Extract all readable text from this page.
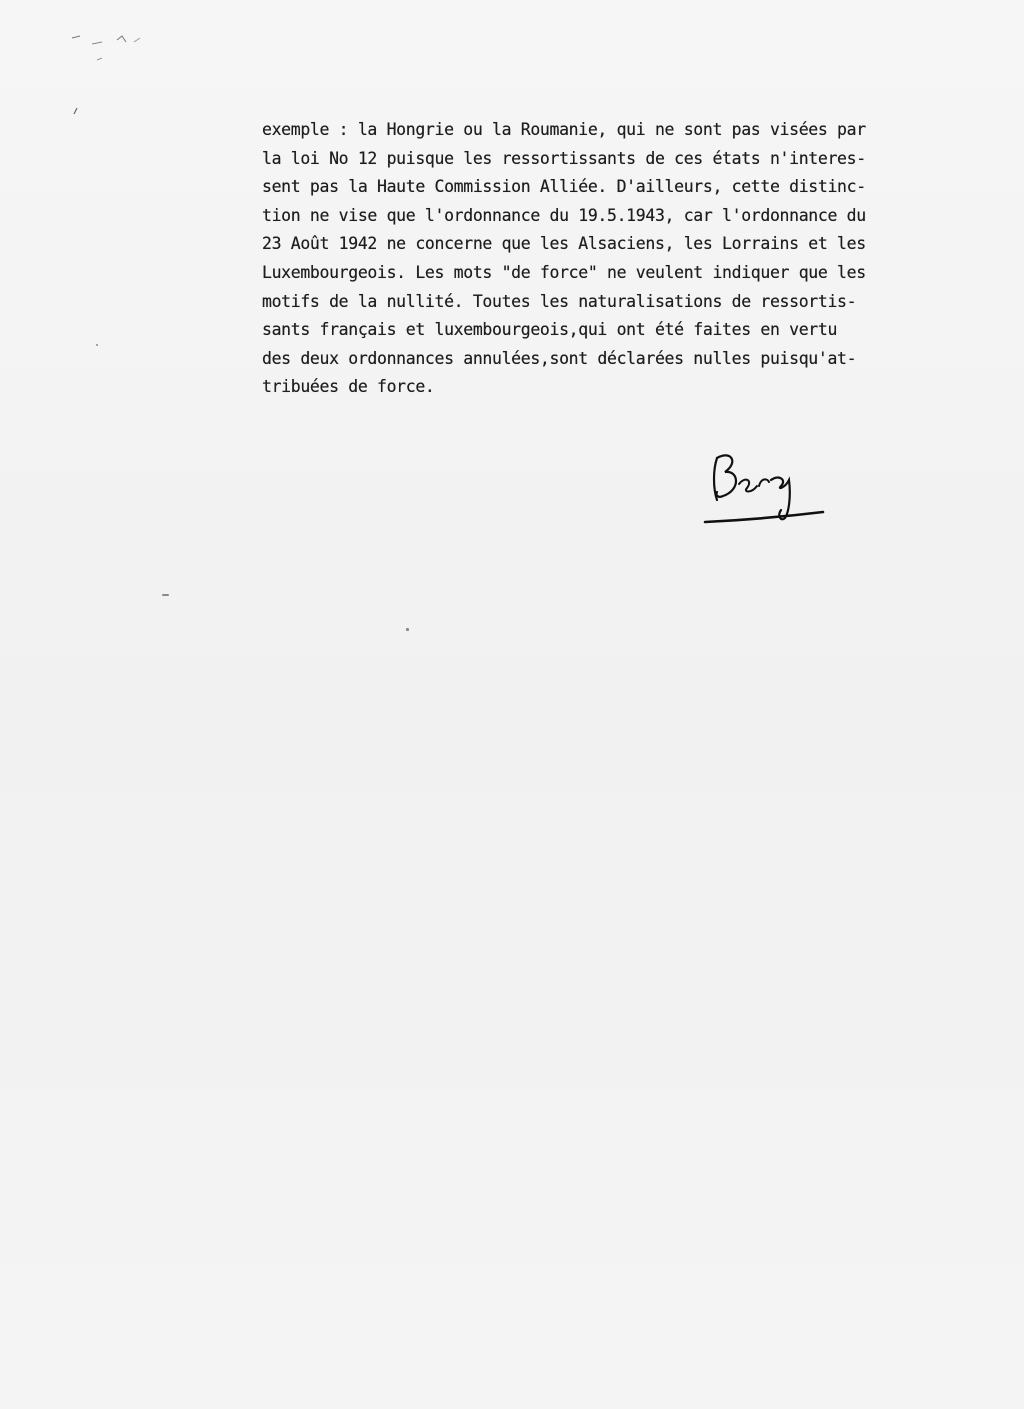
exemple : la Hongrie ou la Roumanie, qui ne sont pas visées par
la loi No 12 puisque les ressortissants de ces états n'interes-
sent pas la Haute Commission Alliée. D'ailleurs, cette distinc-
tion ne vise que l'ordonnance du 19.5.1943, car l'ordonnance du
23 Août 1942 ne concerne que les Alsaciens, les Lorrains et les
Luxembourgeois. Les mots "de force" ne veulent indiquer que les
motifs de la nullité. Toutes les naturalisations de ressortis-
sants français et luxembourgeois,qui ont été faites en vertu
des deux ordonnances annulées,sont déclarées nulles puisqu'at-
tribuées de force.
